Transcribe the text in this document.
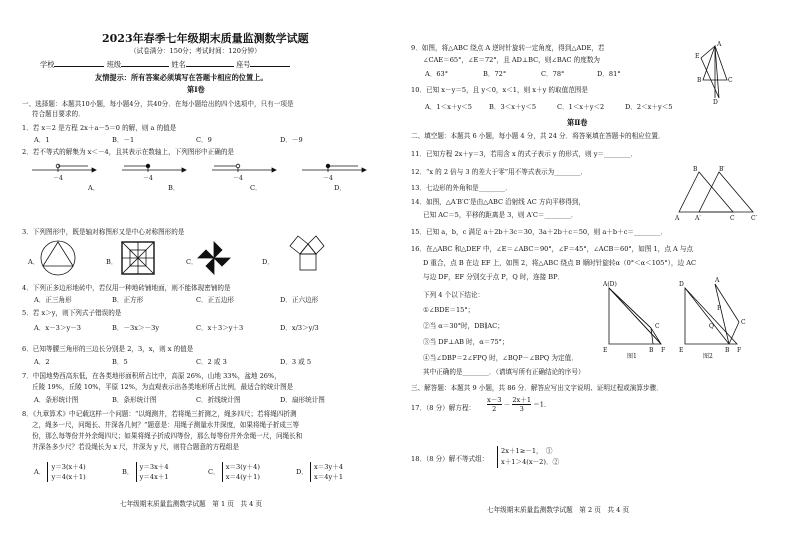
2023年春季七年级期末质量监测数学试题
（试卷满分：150分；考试时间：120分钟）
学校	班级	姓名	座号
友情提示：所有答案必须填写在答题卡相应的位置上。
第Ⅰ卷
一、选择题：本题共10小题，每小题4分，共40分．在每小题给出的四个选项中，只有一项是
符合题目要求的．
1．若 x＝2 是方程 2x＋a－5＝0 的解，则 a 的值是
A．1	B．－1	C．9	D．－9
2．若不等式的解集为 x＜－4，且其表示在数轴上，下列图形中正确的是
－4	－4	－4	－4
A．	B．	C．	D．
3．下列图形中，既是轴对称图形又是中心对称图形的是
A．	B．	C．	D．
4．下列正多边形地砖中，若仅用一种地砖铺地面，则不能体现密铺的是
A．正三角形	B．正方形	C．正五边形	D．正六边形
5．若 x＞y，则下列式子错误的是
A．x－3＞y－3	B．－3x＞－3y	C．x＋3＞y＋3	D．x/3＞y/3
6．已知等腰三角形的三边长分别是 2，3，x，则 x 的值是
A．2	B．5	C．2 或 3	D．3 或 5
7．中国地势西高东低，在各类地形面积所占比中，高原 26%，山地 33%，盆地 26%，
丘陵 19%，丘陵 10%，平原 12%，为直观表示出各类地形所占比例，最适合的统计图是
A．条形统计图	B．条形统计图	C．折线统计图	D．扇形统计图
8．《九章算术》中记载这样一个问题：“以绳测井，若将绳三折测之，绳多四尺；若将绳四折测
之，绳多一尺，问绳长、井深各几何？”题意是：用绳子测量水井深度，如果将绳子折成三等
份，那么每等份井外余绳四尺；如果将绳子折成四等份，那么每等份井外余绳一尺，问绳长和
井深各多少尺？若设绳长为 x 尺，井深为 y 尺，则符合题意的方程组是
A． y＝3(x＋4)
y＝4(x＋1)
B． y＝3x＋4
y＝4x＋1
C． x＝3(y＋4)
x＝4(y＋1)
D． x＝3y＋4
x＝4y＋1
七年级期末质量监测数学试题　第 1 页　共 4 页
9．如图，将△ABC 绕点 A 逆时针旋转一定角度，得到△ADE，若
∠CAE＝65°，∠E＝72°，且 AD⊥BC，则∠BAC 的度数为
A．63°	B．72°	C．78°	D．81°
A
E
B	C
D
10．已知 x－y＝5，且 y＜0，x＜1，则 x＋y 的取值范围是
A．1＜x＋y＜5	B．3＜x＋y＜5	C．1＜x＋y＜2	D．2＜x＋y＜5
第Ⅱ卷
二、填空题：本题共 6 小题，每小题 4 分，共 24 分．将答案填在答题卡的相应位置．
11．已知方程 2x＋y＝3，若用含 x 的式子表示 y 的形式，则 y＝________．
12．“x 的 2 倍与 3 的差大于零”用不等式表示为________．
13．七边形的外角和是________．
14．如图，△A′B′C′是由△ABC 沿射线 AC 方向平移得到，
已知 AC＝5，平移的距离是 3，则 A′C＝________．
B	B′
A	A′	C	C′
15．已知 a，b，c 满足 a＋2b＋3c＝30，3a＋2b＋c＝50，则 a＋b＋c＝________．
16．在△ABC 和△DEF 中，∠E＝∠ABC＝90°，∠F＝45°，∠ACB＝60°，如图 1，点 A 与点
D 重合，点 B 在边 EF 上，如图 2，将△ABC 绕点 B 顺时针旋转α（0°＜α＜105°），边 AC
与边 DF，EF 分别交于点 P，Q 时，连接 BP．
下列 4 个以下结论：
①∠BDE＝15°；
②当 α＝30°时，DB∥AC；
③当 DF⊥AB 时，α＝75°；
④当∠DBP＝2∠FPQ 时，∠BQP－∠BPQ 为定值．
其中正确的是________．（请填写所有正确结论的序号）
A(D)
E	B
C
F
图1
D
A
P
Q
C
E	B F
图2
三、解答题：本题共 9 小题，共 86 分．解答应写出文字说明、证明过程或演算步骤．
17．（8 分）解方程： $\frac{x-3}{2} - \frac{2x+1}{3} =1$．
18．（8 分）解不等式组：
2x＋1≥－1，　①
x＋1＞4(x－2)．②
七年级期末质量监测数学试题　第 2 页　共 4 页
